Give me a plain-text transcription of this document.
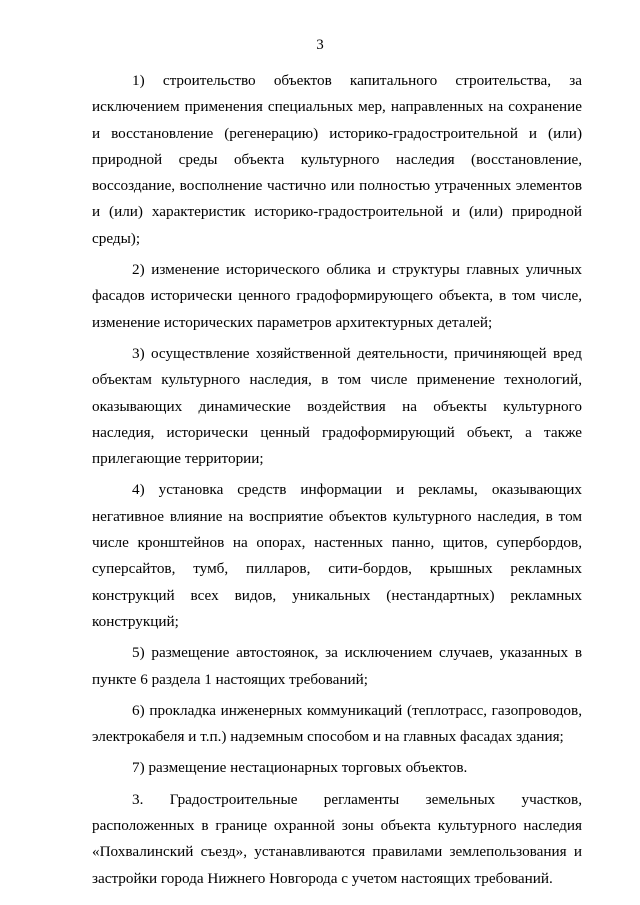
3

1) строительство объектов капитального строительства, за исключением применения специальных мер, направленных на сохранение и восстановление (регенерацию) историко-градостроительной и (или) природной среды объекта культурного наследия (восстановление, воссоздание, восполнение частично или полностью утраченных элементов и (или) характеристик историко-градостроительной и (или) природной среды);

2) изменение исторического облика и структуры главных уличных фасадов исторически ценного градоформирующего объекта, в том числе, изменение исторических параметров архитектурных деталей;

3) осуществление хозяйственной деятельности, причиняющей вред объектам культурного наследия, в том числе применение технологий, оказывающих динамические воздействия на объекты культурного наследия, исторически ценный градоформирующий объект, а также прилегающие территории;

4) установка средств информации и рекламы, оказывающих негативное влияние на восприятие объектов культурного наследия, в том числе кронштейнов на опорах, настенных панно, щитов, супербордов, суперсайтов, тумб, пилларов, сити-бордов, крышных рекламных конструкций всех видов, уникальных (нестандартных) рекламных конструкций;

5) размещение автостоянок, за исключением случаев, указанных в пункте 6 раздела 1 настоящих требований;

6) прокладка инженерных коммуникаций (теплотрасс, газопроводов, электрокабеля и т.п.) надземным способом и на главных фасадах здания;

7) размещение нестационарных торговых объектов.

3. Градостроительные регламенты земельных участков, расположенных в границе охранной зоны объекта культурного наследия «Похвалинский съезд», устанавливаются правилами землепользования и застройки города Нижнего Новгорода с учетом настоящих требований.
